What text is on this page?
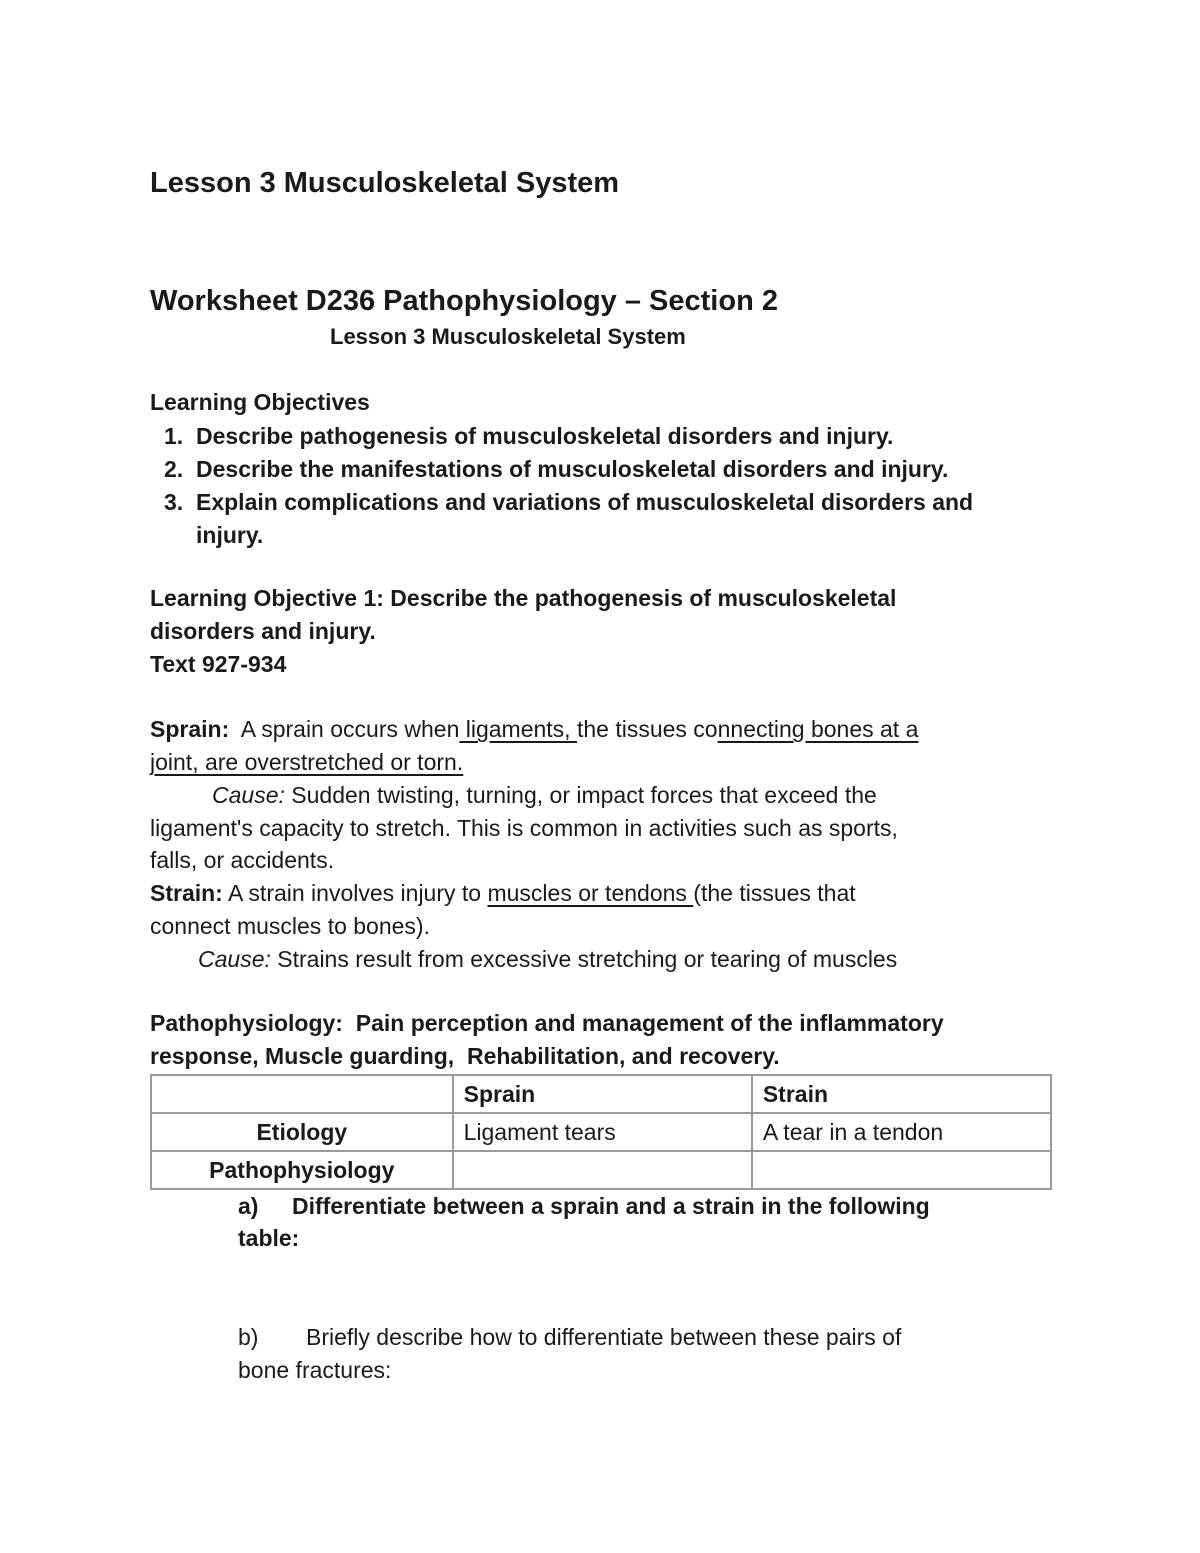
Lesson 3 Musculoskeletal System
Worksheet D236 Pathophysiology – Section 2
Lesson 3 Musculoskeletal System
Learning Objectives
1. Describe pathogenesis of musculoskeletal disorders and injury.
2. Describe the manifestations of musculoskeletal disorders and injury.
3. Explain complications and variations of musculoskeletal disorders and injury.
Learning Objective 1: Describe the pathogenesis of musculoskeletal
disorders and injury.
Text 927-934
Sprain:  A sprain occurs when ligaments, the tissues connecting bones at a
joint, are overstretched or torn.
Cause: Sudden twisting, turning, or impact forces that exceed the
ligament's capacity to stretch. This is common in activities such as sports,
falls, or accidents.
Strain: A strain involves injury to muscles or tendons (the tissues that
connect muscles to bones).
Cause: Strains result from excessive stretching or tearing of muscles
Pathophysiology:  Pain perception and management of the inflammatory
response, Muscle guarding,  Rehabilitation, and recovery.
	Sprain	Strain
Etiology	Ligament tears	A tear in a tendon
Pathophysiology		
a) Differentiate between a sprain and a strain in the following
table:
b) Briefly describe how to differentiate between these pairs of
bone fractures:
